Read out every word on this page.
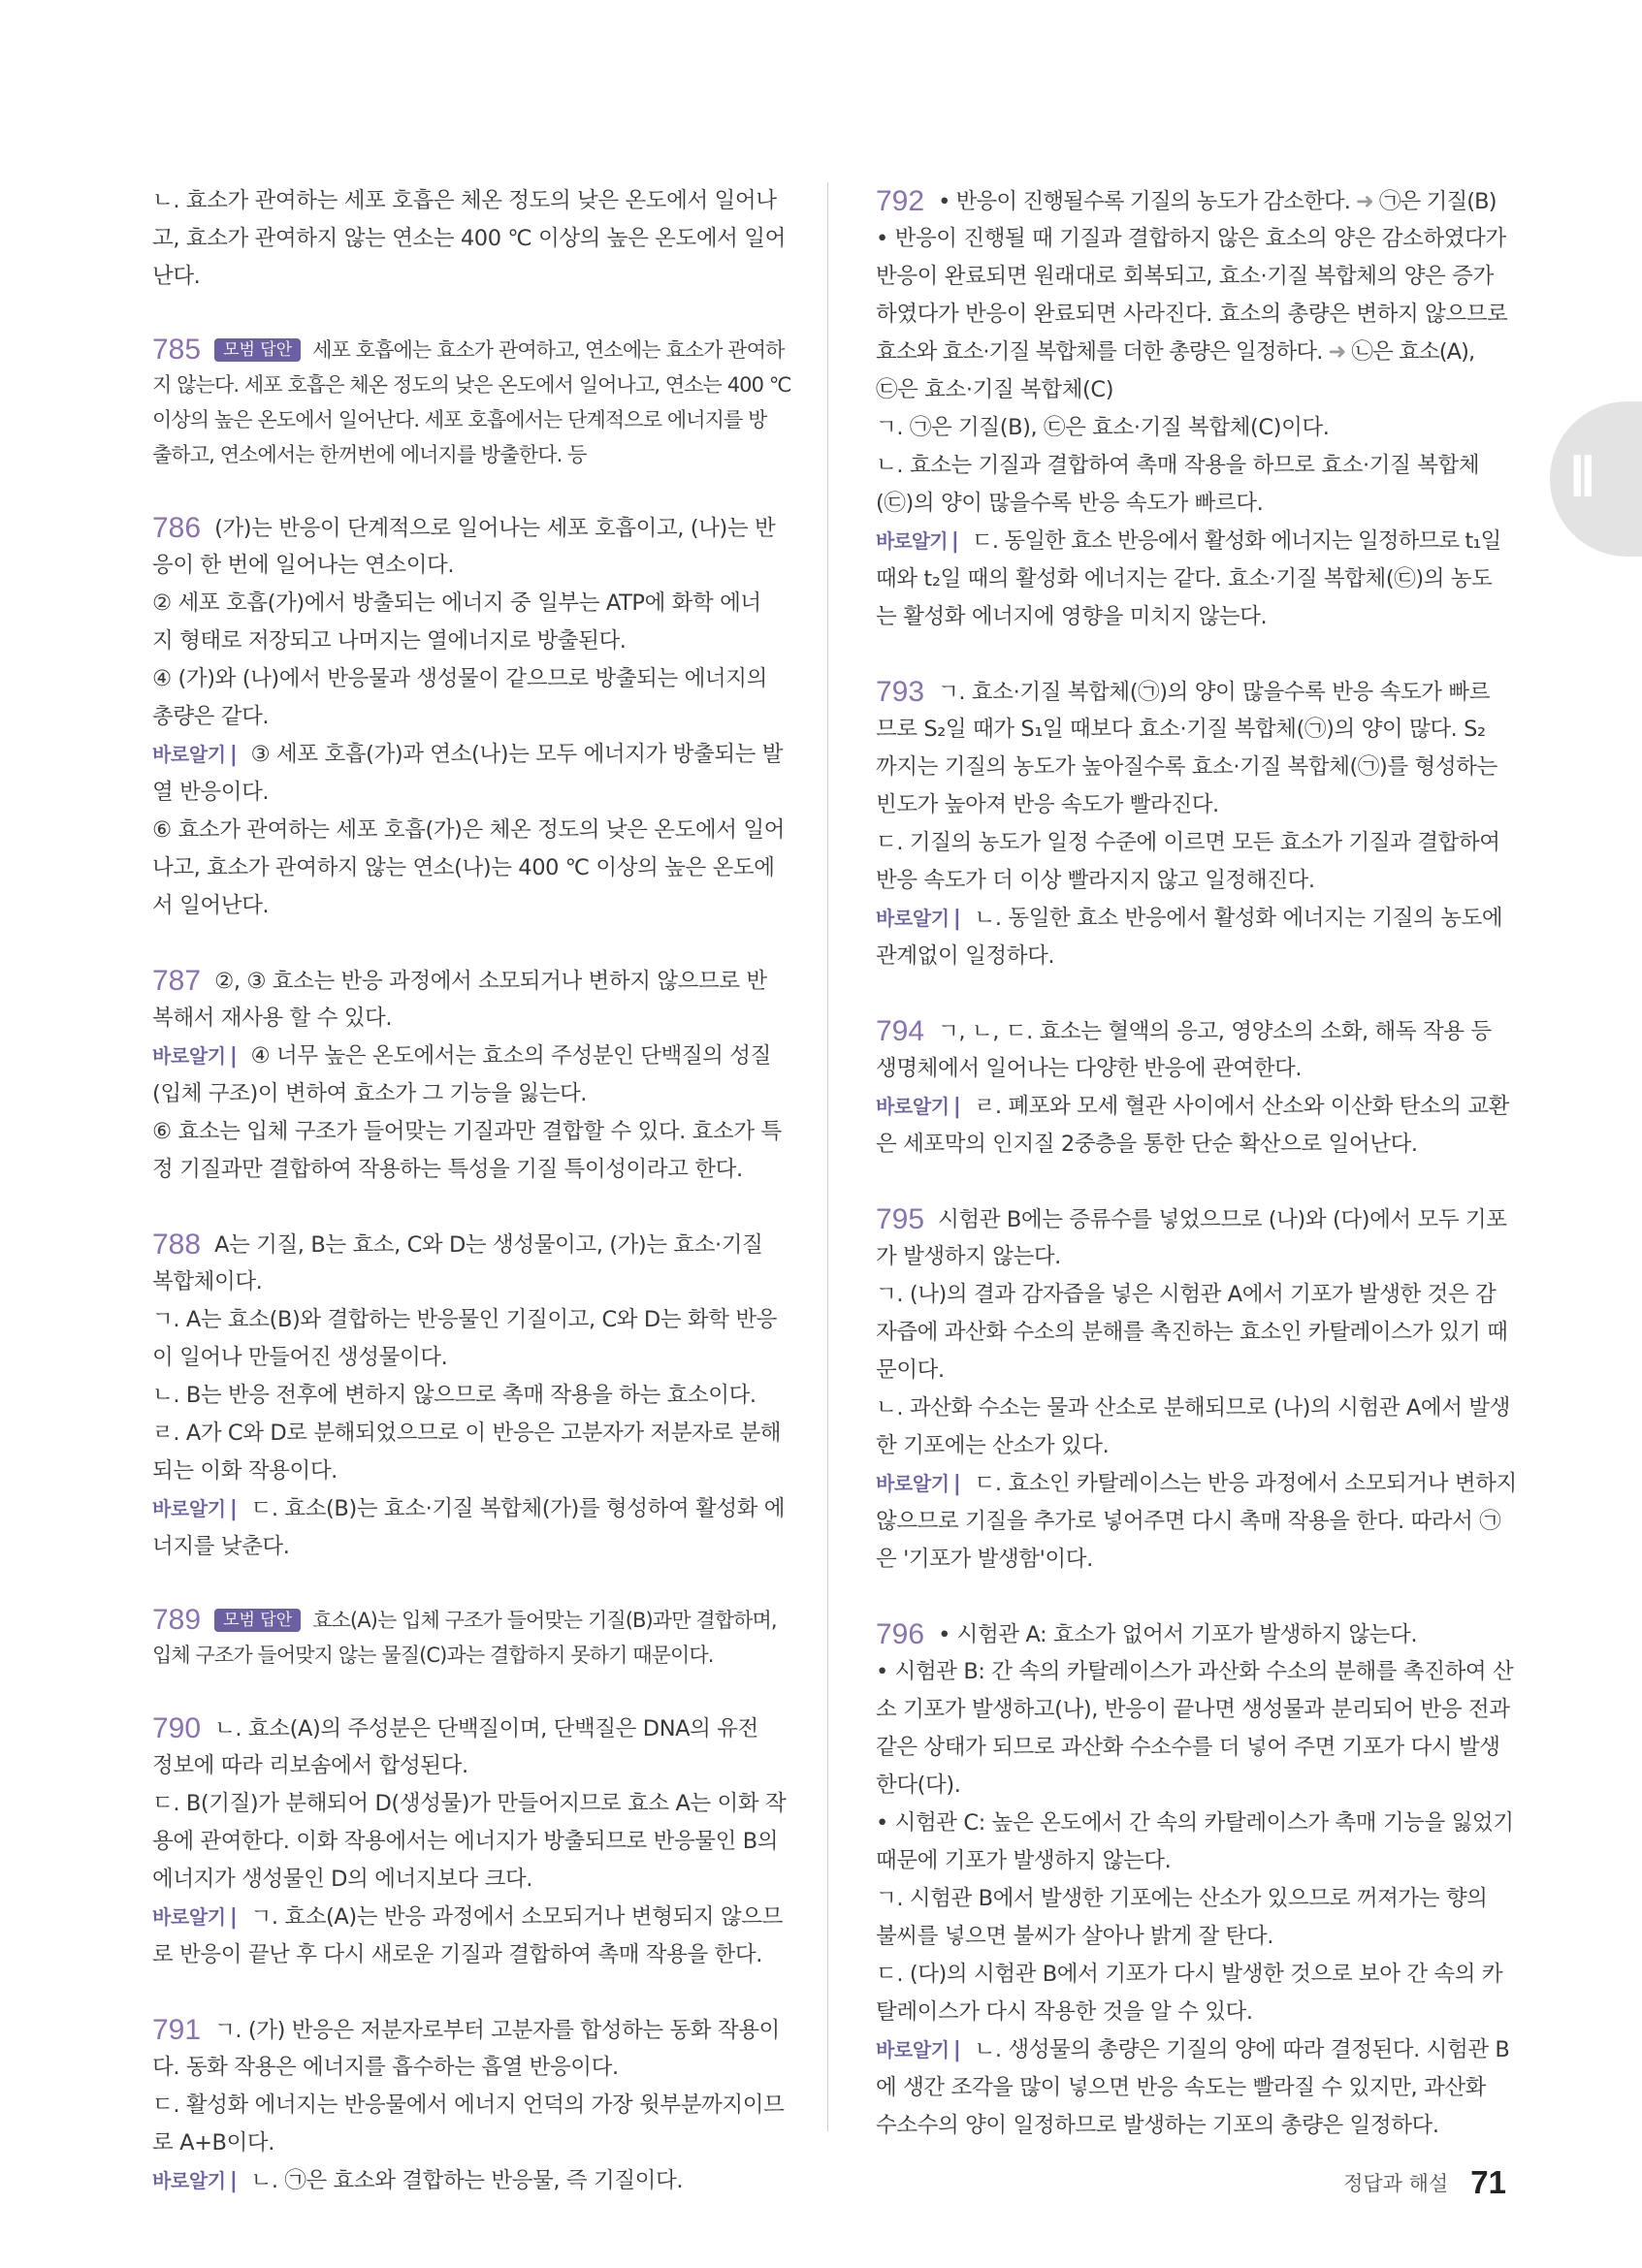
Ⅱ
ㄴ. 효소가 관여하는 세포 호흡은 체온 정도의 낮은 온도에서 일어나
고, 효소가 관여하지 않는 연소는 400 ℃ 이상의 높은 온도에서 일어
난다.
785 모범 답안 세포 호흡에는 효소가 관여하고, 연소에는 효소가 관여하
지 않는다. 세포 호흡은 체온 정도의 낮은 온도에서 일어나고, 연소는 400 ℃
이상의 높은 온도에서 일어난다. 세포 호흡에서는 단계적으로 에너지를 방
출하고, 연소에서는 한꺼번에 에너지를 방출한다. 등
786 (가)는 반응이 단계적으로 일어나는 세포 호흡이고, (나)는 반
응이 한 번에 일어나는 연소이다.
② 세포 호흡(가)에서 방출되는 에너지 중 일부는 ATP에 화학 에너
지 형태로 저장되고 나머지는 열에너지로 방출된다.
④ (가)와 (나)에서 반응물과 생성물이 같으므로 방출되는 에너지의
총량은 같다.
바로알기 | ③ 세포 호흡(가)과 연소(나)는 모두 에너지가 방출되는 발
열 반응이다.
⑥ 효소가 관여하는 세포 호흡(가)은 체온 정도의 낮은 온도에서 일어
나고, 효소가 관여하지 않는 연소(나)는 400 ℃ 이상의 높은 온도에
서 일어난다.
787 ②, ③ 효소는 반응 과정에서 소모되거나 변하지 않으므로 반
복해서 재사용 할 수 있다.
바로알기 | ④ 너무 높은 온도에서는 효소의 주성분인 단백질의 성질
(입체 구조)이 변하여 효소가 그 기능을 잃는다.
⑥ 효소는 입체 구조가 들어맞는 기질과만 결합할 수 있다. 효소가 특
정 기질과만 결합하여 작용하는 특성을 기질 특이성이라고 한다.
788 A는 기질, B는 효소, C와 D는 생성물이고, (가)는 효소·기질
복합체이다.
ㄱ. A는 효소(B)와 결합하는 반응물인 기질이고, C와 D는 화학 반응
이 일어나 만들어진 생성물이다.
ㄴ. B는 반응 전후에 변하지 않으므로 촉매 작용을 하는 효소이다.
ㄹ. A가 C와 D로 분해되었으므로 이 반응은 고분자가 저분자로 분해
되는 이화 작용이다.
바로알기 | ㄷ. 효소(B)는 효소·기질 복합체(가)를 형성하여 활성화 에
너지를 낮춘다.
789 모범 답안 효소(A)는 입체 구조가 들어맞는 기질(B)과만 결합하며,
입체 구조가 들어맞지 않는 물질(C)과는 결합하지 못하기 때문이다.
790 ㄴ. 효소(A)의 주성분은 단백질이며, 단백질은 DNA의 유전
정보에 따라 리보솜에서 합성된다.
ㄷ. B(기질)가 분해되어 D(생성물)가 만들어지므로 효소 A는 이화 작
용에 관여한다. 이화 작용에서는 에너지가 방출되므로 반응물인 B의
에너지가 생성물인 D의 에너지보다 크다.
바로알기 | ㄱ. 효소(A)는 반응 과정에서 소모되거나 변형되지 않으므
로 반응이 끝난 후 다시 새로운 기질과 결합하여 촉매 작용을 한다.
791 ㄱ. (가) 반응은 저분자로부터 고분자를 합성하는 동화 작용이
다. 동화 작용은 에너지를 흡수하는 흡열 반응이다.
ㄷ. 활성화 에너지는 반응물에서 에너지 언덕의 가장 윗부분까지이므
로 A+B이다.
바로알기 | ㄴ. ㉠은 효소와 결합하는 반응물, 즉 기질이다.
792 • 반응이 진행될수록 기질의 농도가 감소한다. ➜ ㉠은 기질(B)
• 반응이 진행될 때 기질과 결합하지 않은 효소의 양은 감소하였다가
반응이 완료되면 원래대로 회복되고, 효소·기질 복합체의 양은 증가
하였다가 반응이 완료되면 사라진다. 효소의 총량은 변하지 않으므로
효소와 효소·기질 복합체를 더한 총량은 일정하다. ➜ ㉡은 효소(A),
㉢은 효소·기질 복합체(C)
ㄱ. ㉠은 기질(B), ㉢은 효소·기질 복합체(C)이다.
ㄴ. 효소는 기질과 결합하여 촉매 작용을 하므로 효소·기질 복합체
(㉢)의 양이 많을수록 반응 속도가 빠르다.
바로알기 | ㄷ. 동일한 효소 반응에서 활성화 에너지는 일정하므로 t₁일
때와 t₂일 때의 활성화 에너지는 같다. 효소·기질 복합체(㉢)의 농도
는 활성화 에너지에 영향을 미치지 않는다.
793 ㄱ. 효소·기질 복합체(㉠)의 양이 많을수록 반응 속도가 빠르
므로 S₂일 때가 S₁일 때보다 효소·기질 복합체(㉠)의 양이 많다. S₂
까지는 기질의 농도가 높아질수록 효소·기질 복합체(㉠)를 형성하는
빈도가 높아져 반응 속도가 빨라진다.
ㄷ. 기질의 농도가 일정 수준에 이르면 모든 효소가 기질과 결합하여
반응 속도가 더 이상 빨라지지 않고 일정해진다.
바로알기 | ㄴ. 동일한 효소 반응에서 활성화 에너지는 기질의 농도에
관계없이 일정하다.
794 ㄱ, ㄴ, ㄷ. 효소는 혈액의 응고, 영양소의 소화, 해독 작용 등
생명체에서 일어나는 다양한 반응에 관여한다.
바로알기 | ㄹ. 폐포와 모세 혈관 사이에서 산소와 이산화 탄소의 교환
은 세포막의 인지질 2중층을 통한 단순 확산으로 일어난다.
795 시험관 B에는 증류수를 넣었으므로 (나)와 (다)에서 모두 기포
가 발생하지 않는다.
ㄱ. (나)의 결과 감자즙을 넣은 시험관 A에서 기포가 발생한 것은 감
자즙에 과산화 수소의 분해를 촉진하는 효소인 카탈레이스가 있기 때
문이다.
ㄴ. 과산화 수소는 물과 산소로 분해되므로 (나)의 시험관 A에서 발생
한 기포에는 산소가 있다.
바로알기 | ㄷ. 효소인 카탈레이스는 반응 과정에서 소모되거나 변하지
않으므로 기질을 추가로 넣어주면 다시 촉매 작용을 한다. 따라서 ㉠
은 '기포가 발생함'이다.
796 • 시험관 A: 효소가 없어서 기포가 발생하지 않는다.
• 시험관 B: 간 속의 카탈레이스가 과산화 수소의 분해를 촉진하여 산
소 기포가 발생하고(나), 반응이 끝나면 생성물과 분리되어 반응 전과
같은 상태가 되므로 과산화 수소수를 더 넣어 주면 기포가 다시 발생
한다(다).
• 시험관 C: 높은 온도에서 간 속의 카탈레이스가 촉매 기능을 잃었기
때문에 기포가 발생하지 않는다.
ㄱ. 시험관 B에서 발생한 기포에는 산소가 있으므로 꺼져가는 향의
불씨를 넣으면 불씨가 살아나 밝게 잘 탄다.
ㄷ. (다)의 시험관 B에서 기포가 다시 발생한 것으로 보아 간 속의 카
탈레이스가 다시 작용한 것을 알 수 있다.
바로알기 | ㄴ. 생성물의 총량은 기질의 양에 따라 결정된다. 시험관 B
에 생간 조각을 많이 넣으면 반응 속도는 빨라질 수 있지만, 과산화
수소수의 양이 일정하므로 발생하는 기포의 총량은 일정하다.
정답과 해설 71
